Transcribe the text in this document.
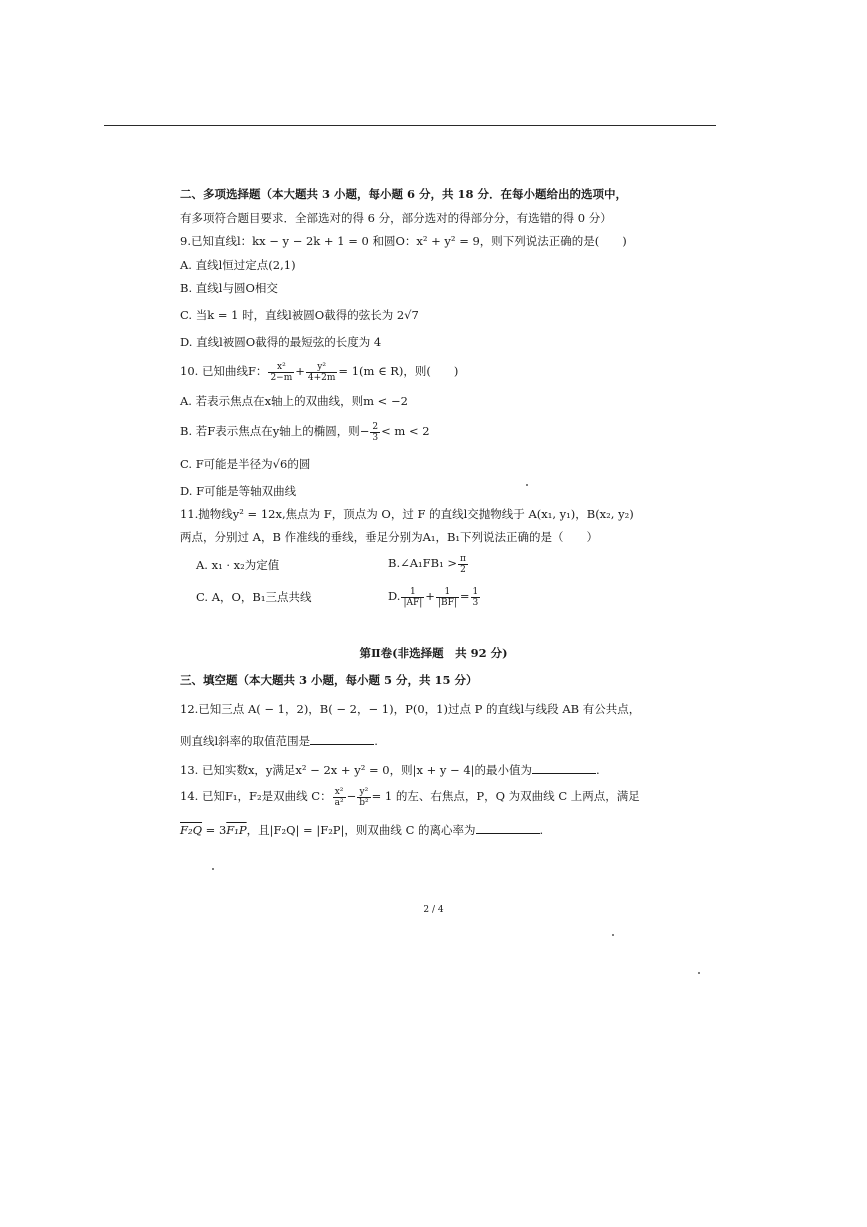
二、多项选择题（本大题共 3 小题，每小题 6 分，共 18 分．在每小题给出的选项中，
有多项符合题目要求．全部选对的得 6 分，部分选对的得部分分，有选错的得 0 分）
9.已知直线l：kx − y − 2k + 1 = 0 和圆O：x² + y² = 9，则下列说法正确的是(　　)
A. 直线l恒过定点(2,1)
B. 直线l与圆O相交
C. 当k = 1 时，直线l被圆O截得的弦长为 2√7
D. 直线l被圆O截得的最短弦的长度为 4
10. 已知曲线F： $\frac{\text{x²}}{2-m} + \frac{\text{y²}}{4+2m} = 1(m$ ∈ R)，则(　　)
A. 若表示焦点在x轴上的双曲线，则m < −2
B. 若F表示焦点在y轴上的椭圆，则− $\frac{2}{3} < m < 2$
C. F可能是半径为√6的圆
D. F可能是等轴双曲线
11.抛物线y² = 12x,焦点为 F，顶点为 O，过 F 的直线l交抛物线于 A(x₁, y₁)，B(x₂, y₂)
两点，分别过 A，B 作准线的垂线，垂足分别为A₁，B₁下列说法正确的是（　　）
A. x₁ · x₂为定值	B.∠A₁FB₁ > $\frac{\pi}{2}$
C. A，O，B₁三点共线	D. $\frac{1}{|AF|} + \frac{1}{|BF|} = \frac{1}{3}$
第Ⅱ卷(非选择题　共 92 分)
三、填空题（本大题共 3 小题，每小题 5 分，共 15 分）
12.已知三点 A( − 1，2)，B( − 2，− 1)，P(0，1)过点 P 的直线l与线段 AB 有公共点，
则直线l斜率的取值范围是	.
13. 已知实数x，y满足x² − 2x + y² = 0，则|x + y − 4|的最小值为	.
14. 已知F₁，F₂是双曲线 C： $\frac{\text{x²}}{\text{a²}} - \frac{\text{y²}}{\text{b²}} = 1$ 的左、右焦点，P，Q 为双曲线 C 上两点，满足
F₂Q = 3F₁P，且|F₂Q| = |F₂P|，则双曲线 C 的离心率为	.
2 / 4
